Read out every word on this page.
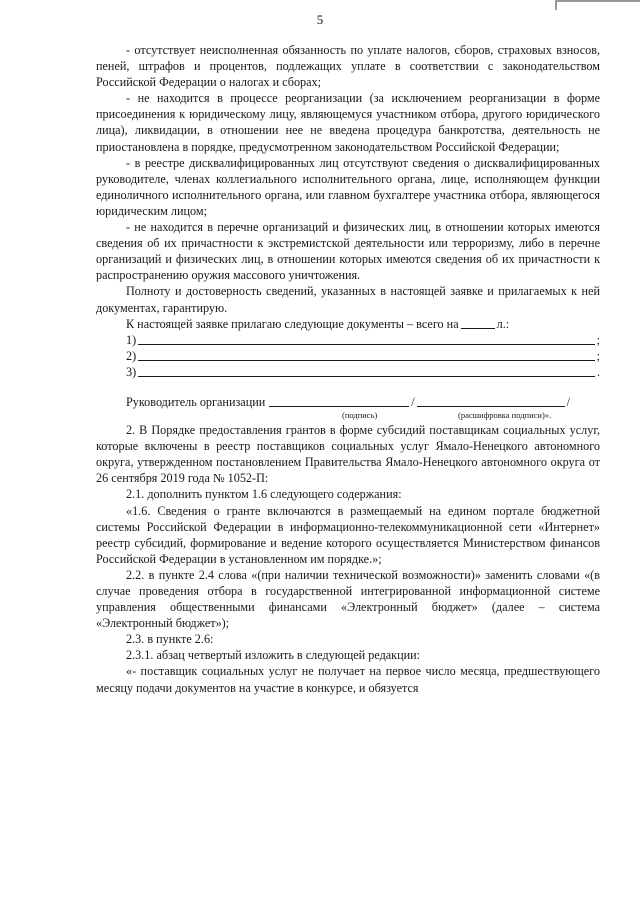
5

- отсутствует неисполненная обязанность по уплате налогов, сборов, страховых взносов, пеней, штрафов и процентов, подлежащих уплате в соответствии с законодательством Российской Федерации о налогах и сборах;

- не находится в процессе реорганизации (за исключением реорганизации в форме присоединения к юридическому лицу, являющемуся участником отбора, другого юридического лица), ликвидации, в отношении нее не введена процедура банкротства, деятельность не приостановлена в порядке, предусмотренном законодательством Российской Федерации;

- в реестре дисквалифицированных лиц отсутствуют сведения о дисквалифицированных руководителе, членах коллегиального исполнительного органа, лице, исполняющем функции единоличного исполнительного органа, или главном бухгалтере участника отбора, являющегося юридическим лицом;

- не находится в перечне организаций и физических лиц, в отношении которых имеются сведения об их причастности к экстремистской деятельности или терроризму, либо в перечне организаций и физических лиц, в отношении которых имеются сведения об их причастности к распространению оружия массового уничтожения.

Полноту и достоверность сведений, указанных в настоящей заявке и прилагаемых к ней документах, гарантирую.

К настоящей заявке прилагаю следующие документы – всего на	л.:
1)	;
2)	;
3)	.
Руководитель организации	/	/
(подпись)	(расшифровка подписи)».

2. В Порядке предоставления грантов в форме субсидий поставщикам социальных услуг, которые включены в реестр поставщиков социальных услуг Ямало-Ненецкого автономного округа, утвержденном постановлением Правительства Ямало-Ненецкого автономного округа от 26 сентября 2019 года № 1052-П:

2.1. дополнить пунктом 1.6 следующего содержания:

«1.6. Сведения о гранте включаются в размещаемый на едином портале бюджетной системы Российской Федерации в информационно-телекоммуникационной сети «Интернет» реестр субсидий, формирование и ведение которого осуществляется Министерством финансов Российской Федерации в установленном им порядке.»;

2.2. в пункте 2.4 слова «(при наличии технической возможности)» заменить словами «(в случае проведения отбора в государственной интегрированной информационной системе управления общественными финансами «Электронный бюджет» (далее – система «Электронный бюджет»);

2.3. в пункте 2.6:

2.3.1. абзац четвертый изложить в следующей редакции:

«- поставщик социальных услуг не получает на первое число месяца, предшествующего месяцу подачи документов на участие в конкурсе, и обязуется
